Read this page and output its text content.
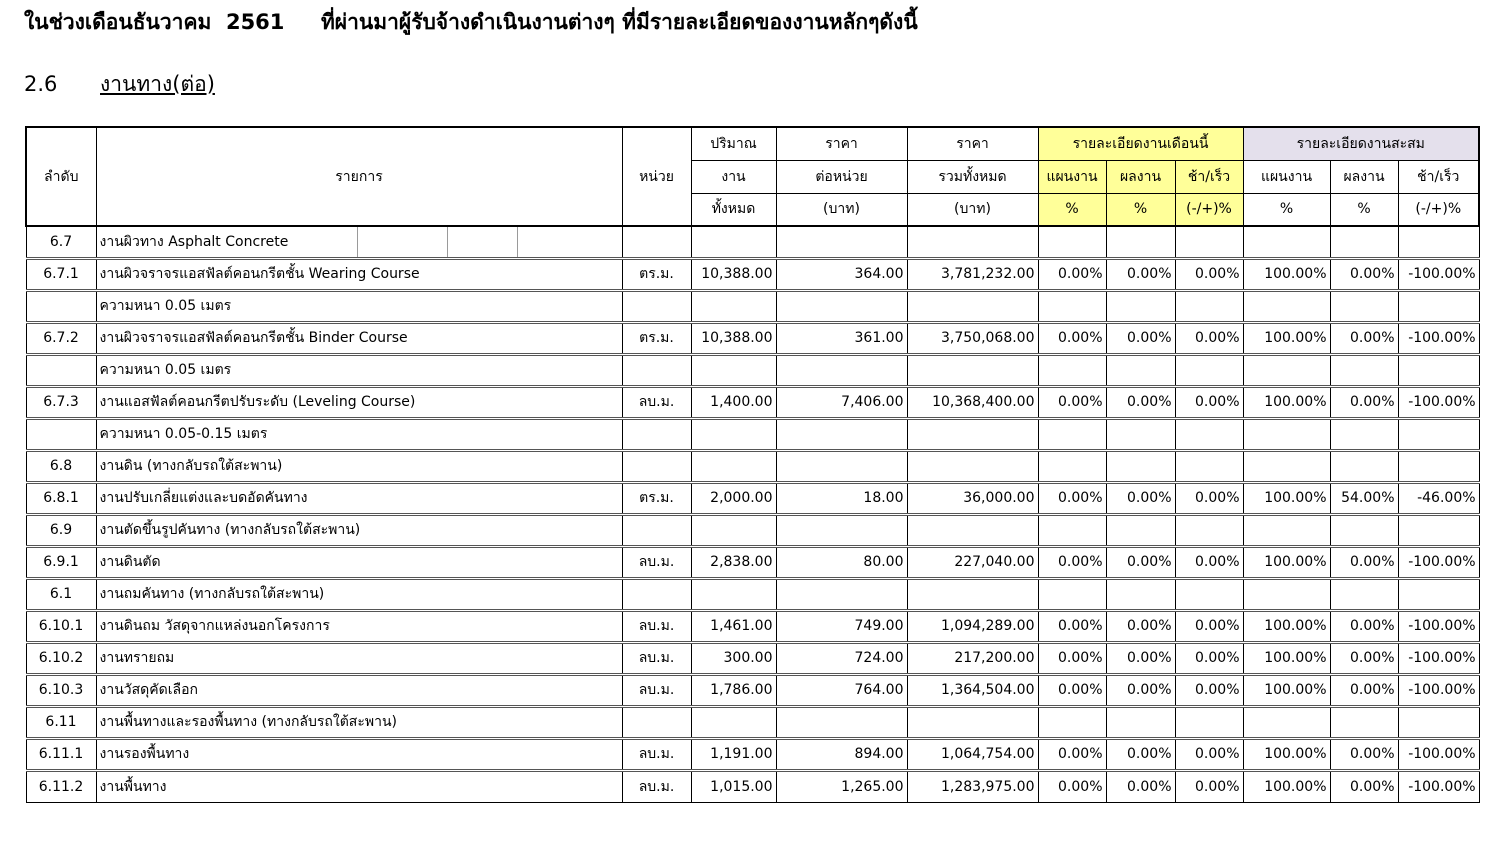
ในช่วงเดือนธันวาคม  2561     ที่ผ่านมาผู้รับจ้างดำเนินงานต่างๆ ที่มีรายละเอียดของงานหลักๆดังนี้
2.6 งานทาง(ต่อ)
ลำดับ	รายการ	หน่วย	ปริมาณ	ราคา	ราคา	รายละเอียดงานเดือนนี้			รายละเอียดงานสะสม		
			งาน	ต่อหน่วย	รวมทั้งหมด	แผนงาน	ผลงาน	ช้า/เร็ว	แผนงาน	ผลงาน	ช้า/เร็ว
			ทั้งหมด	(บาท)	(บาท)	%	%	(-/+)%	%	%	(-/+)%
6.7	งานผิวทาง Asphalt Concrete

6.7.1	งานผิวจราจรแอสฟัลต์คอนกรีตชั้น Wearing Course	ตร.ม.	10,388.00	364.00	3,781,232.00	0.00%	0.00%	0.00%	100.00%	0.00%	-100.00%
	ความหนา 0.05 เมตร										
6.7.2	งานผิวจราจรแอสฟัลต์คอนกรีตชั้น Binder Course	ตร.ม.	10,388.00	361.00	3,750,068.00	0.00%	0.00%	0.00%	100.00%	0.00%	-100.00%
	ความหนา 0.05 เมตร										
6.7.3	งานแอสฟัลต์คอนกรีตปรับระดับ (Leveling Course)	ลบ.ม.	1,400.00	7,406.00	10,368,400.00	0.00%	0.00%	0.00%	100.00%	0.00%	-100.00%
	ความหนา 0.05-0.15 เมตร										
6.8	งานดิน (ทางกลับรถใต้สะพาน)										
6.8.1	งานปรับเกลี่ยแต่งและบดอัดคันทาง	ตร.ม.	2,000.00	18.00	36,000.00	0.00%	0.00%	0.00%	100.00%	54.00%	-46.00%
6.9	งานตัดขึ้นรูปคันทาง (ทางกลับรถใต้สะพาน)										
6.9.1	งานดินตัด	ลบ.ม.	2,838.00	80.00	227,040.00	0.00%	0.00%	0.00%	100.00%	0.00%	-100.00%
6.1	งานถมคันทาง (ทางกลับรถใต้สะพาน)										
6.10.1	งานดินถม วัสดุจากแหล่งนอกโครงการ	ลบ.ม.	1,461.00	749.00	1,094,289.00	0.00%	0.00%	0.00%	100.00%	0.00%	-100.00%
6.10.2	งานทรายถม	ลบ.ม.	300.00	724.00	217,200.00	0.00%	0.00%	0.00%	100.00%	0.00%	-100.00%
6.10.3	งานวัสดุคัดเลือก	ลบ.ม.	1,786.00	764.00	1,364,504.00	0.00%	0.00%	0.00%	100.00%	0.00%	-100.00%
6.11	งานพื้นทางและรองพื้นทาง (ทางกลับรถใต้สะพาน)										
6.11.1	งานรองพื้นทาง	ลบ.ม.	1,191.00	894.00	1,064,754.00	0.00%	0.00%	0.00%	100.00%	0.00%	-100.00%
6.11.2	งานพื้นทาง	ลบ.ม.	1,015.00	1,265.00	1,283,975.00	0.00%	0.00%	0.00%	100.00%	0.00%	-100.00%
